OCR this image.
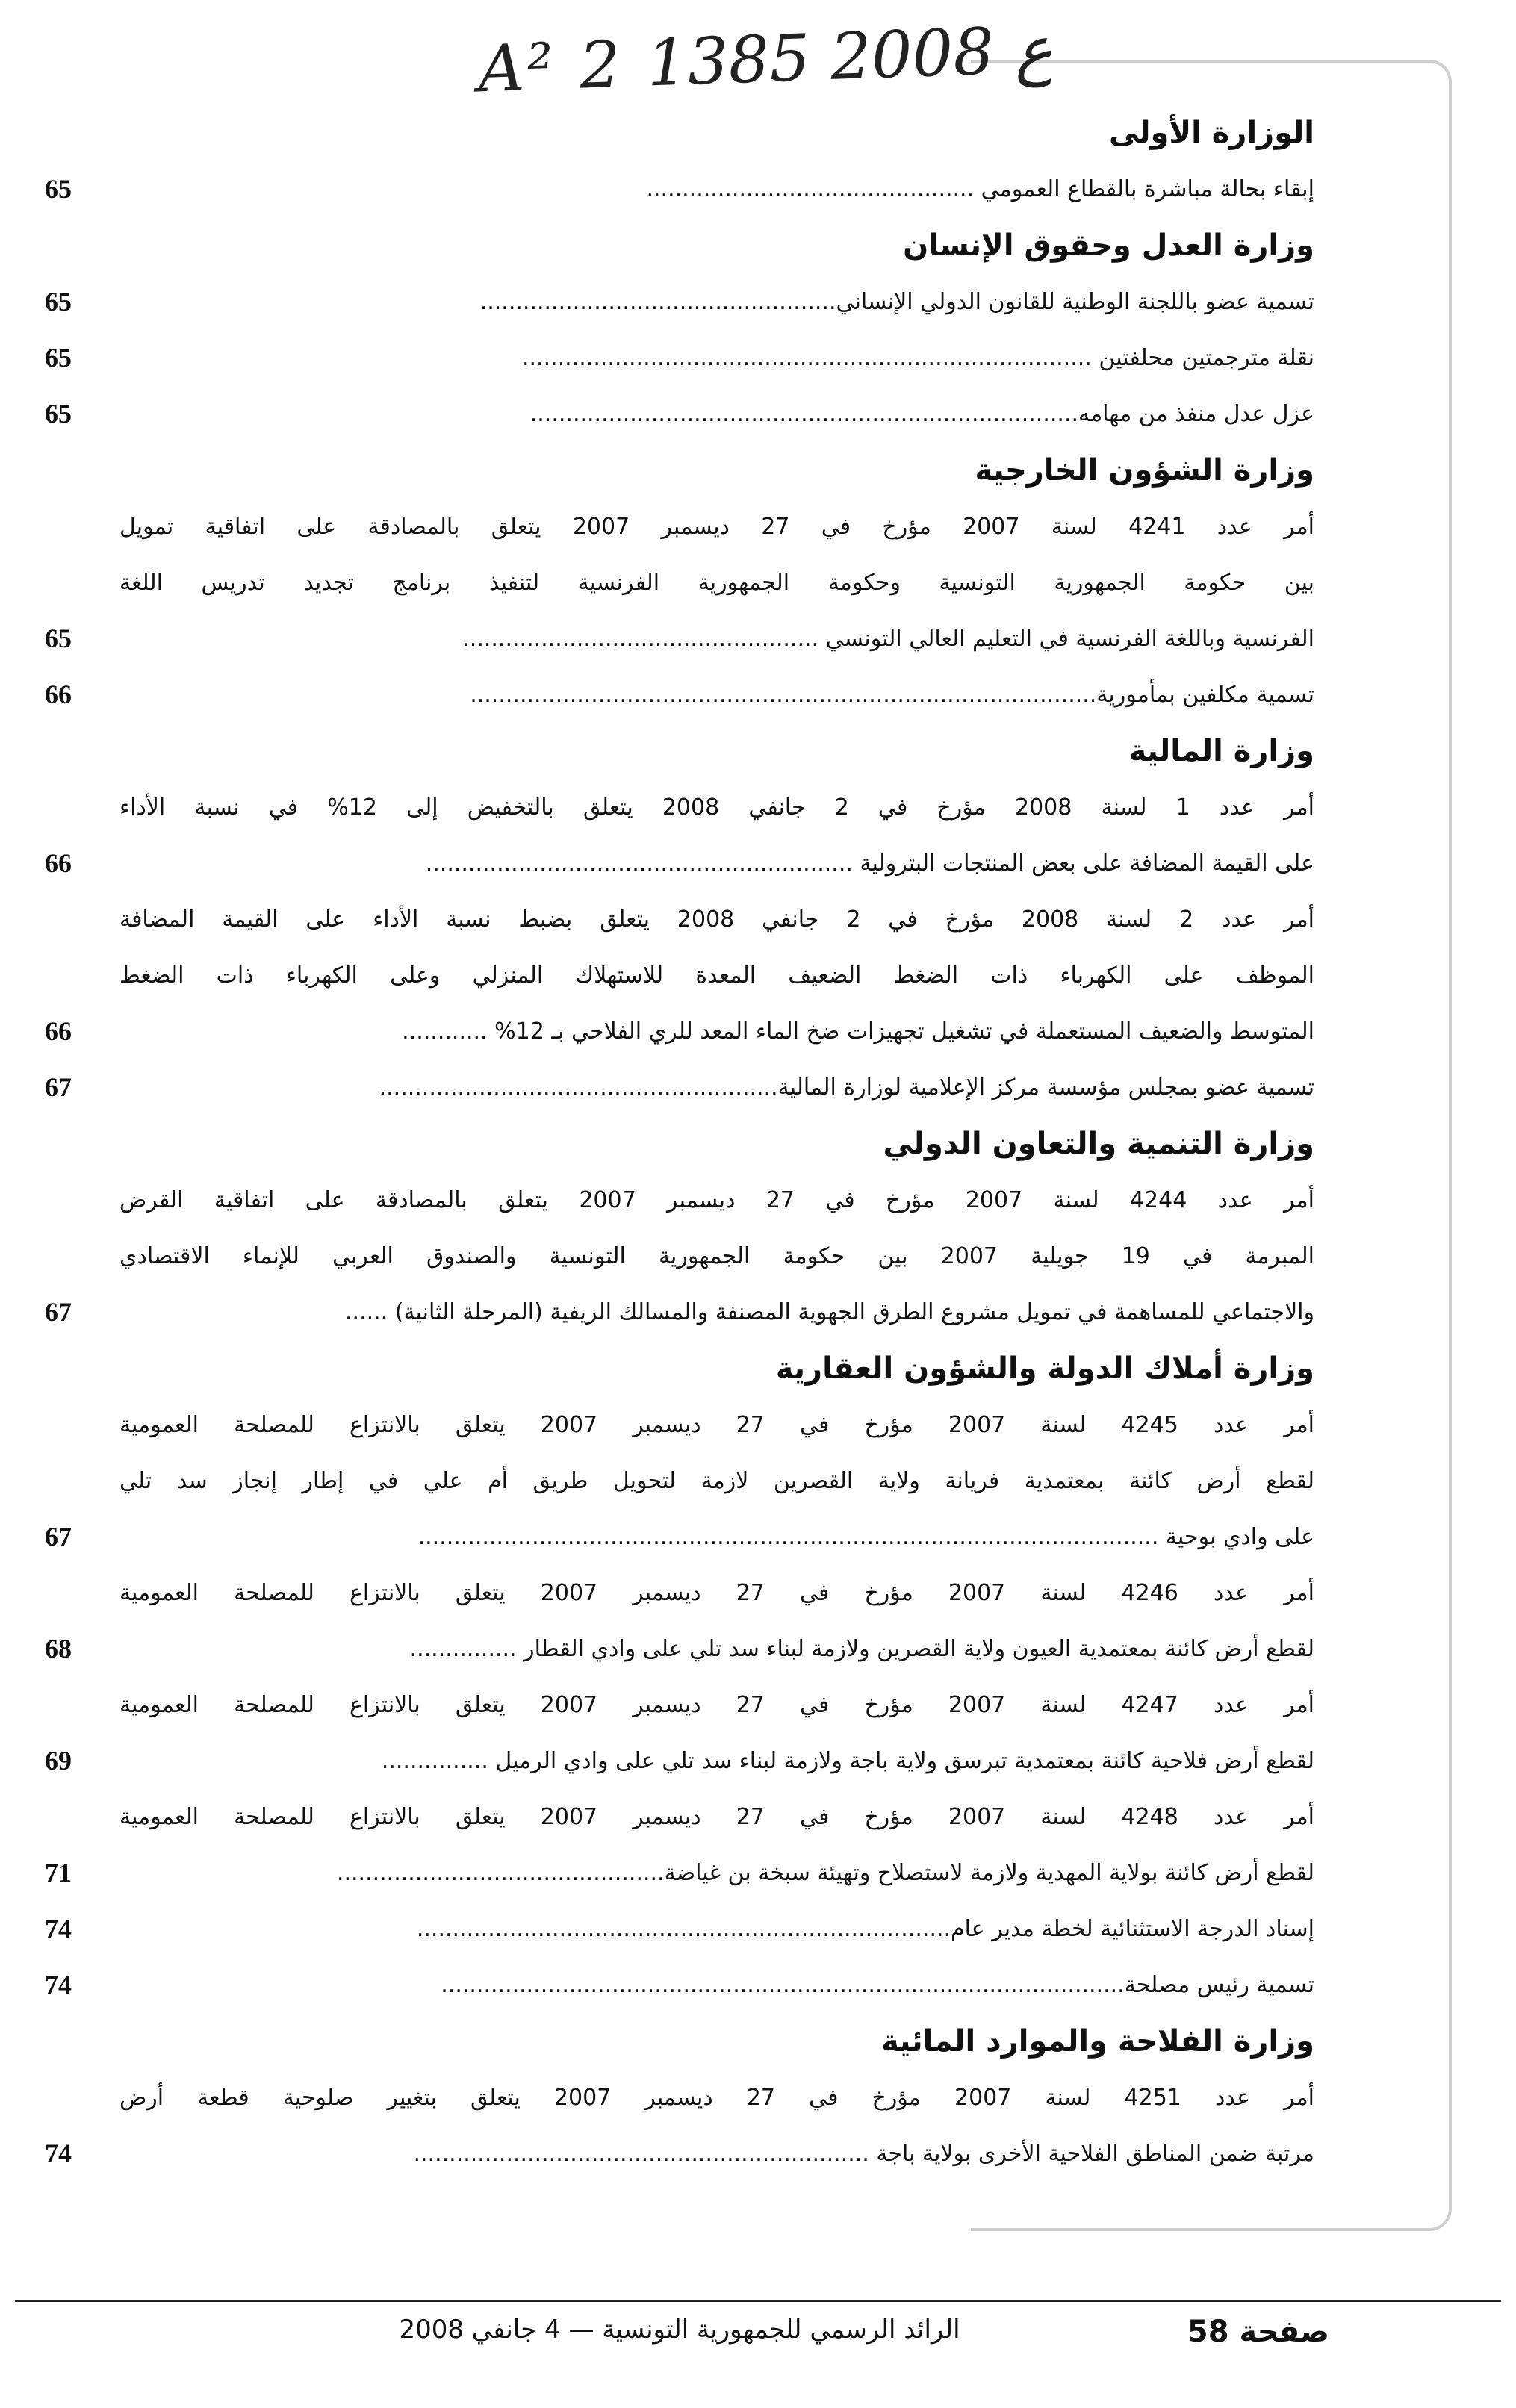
A² 2 ع 2008 1385
الوزارة الأولى
65	إبقاء بحالة مباشرة بالقطاع العمومي ..............................................
وزارة العدل وحقوق الإنسان
65	تسمية عضو باللجنة الوطنية للقانون الدولي الإنساني..................................................
65	نقلة مترجمتين محلفتين ................................................................................
65	عزل عدل منفذ من مهامه.............................................................................
وزارة الشؤون الخارجية
أمر عدد 4241 لسنة 2007 مؤرخ في 27 ديسمبر 2007 يتعلق بالمصادقة على اتفاقية تمويل
بين حكومة الجمهورية التونسية وحكومة الجمهورية الفرنسية لتنفيذ برنامج تجديد تدريس اللغة
65	الفرنسية وباللغة الفرنسية في التعليم العالي التونسي ..................................................
66	تسمية مكلفين بمأمورية........................................................................................
وزارة المالية
أمر عدد 1 لسنة 2008 مؤرخ في 2 جانفي 2008 يتعلق بالتخفيض إلى 12% في نسبة الأداء
66	على القيمة المضافة على بعض المنتجات البترولية ............................................................
أمر عدد 2 لسنة 2008 مؤرخ في 2 جانفي 2008 يتعلق بضبط نسبة الأداء على القيمة المضافة
الموظف على الكهرباء ذات الضغط الضعيف المعدة للاستهلاك المنزلي وعلى الكهرباء ذات الضغط
66	المتوسط والضعيف المستعملة في تشغيل تجهيزات ضخ الماء المعد للري الفلاحي بـ 12% ............
67	تسمية عضو بمجلس مؤسسة مركز الإعلامية لوزارة المالية........................................................
وزارة التنمية والتعاون الدولي
أمر عدد 4244 لسنة 2007 مؤرخ في 27 ديسمبر 2007 يتعلق بالمصادقة على اتفاقية القرض
المبرمة في 19 جويلية 2007 بين حكومة الجمهورية التونسية والصندوق العربي للإنماء الاقتصادي
67	والاجتماعي للمساهمة في تمويل مشروع الطرق الجهوية المصنفة والمسالك الريفية (المرحلة الثانية) ......
وزارة أملاك الدولة والشؤون العقارية
أمر عدد 4245 لسنة 2007 مؤرخ في 27 ديسمبر 2007 يتعلق بالانتزاع للمصلحة العمومية
لقطع أرض كائنة بمعتمدية فريانة ولاية القصرين لازمة لتحويل طريق أم علي في إطار إنجاز سد تلي
67	على وادي بوحية ........................................................................................................
أمر عدد 4246 لسنة 2007 مؤرخ في 27 ديسمبر 2007 يتعلق بالانتزاع للمصلحة العمومية
68	لقطع أرض كائنة بمعتمدية العيون ولاية القصرين ولازمة لبناء سد تلي على وادي القطار ...............
أمر عدد 4247 لسنة 2007 مؤرخ في 27 ديسمبر 2007 يتعلق بالانتزاع للمصلحة العمومية
69	لقطع أرض فلاحية كائنة بمعتمدية تبرسق ولاية باجة ولازمة لبناء سد تلي على وادي الرميل ...............
أمر عدد 4248 لسنة 2007 مؤرخ في 27 ديسمبر 2007 يتعلق بالانتزاع للمصلحة العمومية
71	لقطع أرض كائنة بولاية المهدية ولازمة لاستصلاح وتهيئة سبخة بن غياضة..............................................
74	إسناد الدرجة الاستثنائية لخطة مدير عام...........................................................................
74	تسمية رئيس مصلحة................................................................................................
وزارة الفلاحة والموارد المائية
أمر عدد 4251 لسنة 2007 مؤرخ في 27 ديسمبر 2007 يتعلق بتغيير صلوحية قطعة أرض
74	مرتبة ضمن المناطق الفلاحية الأخرى بولاية باجة ................................................................
صفحة 58
الرائد الرسمي للجمهورية التونسية — 4 جانفي 2008
